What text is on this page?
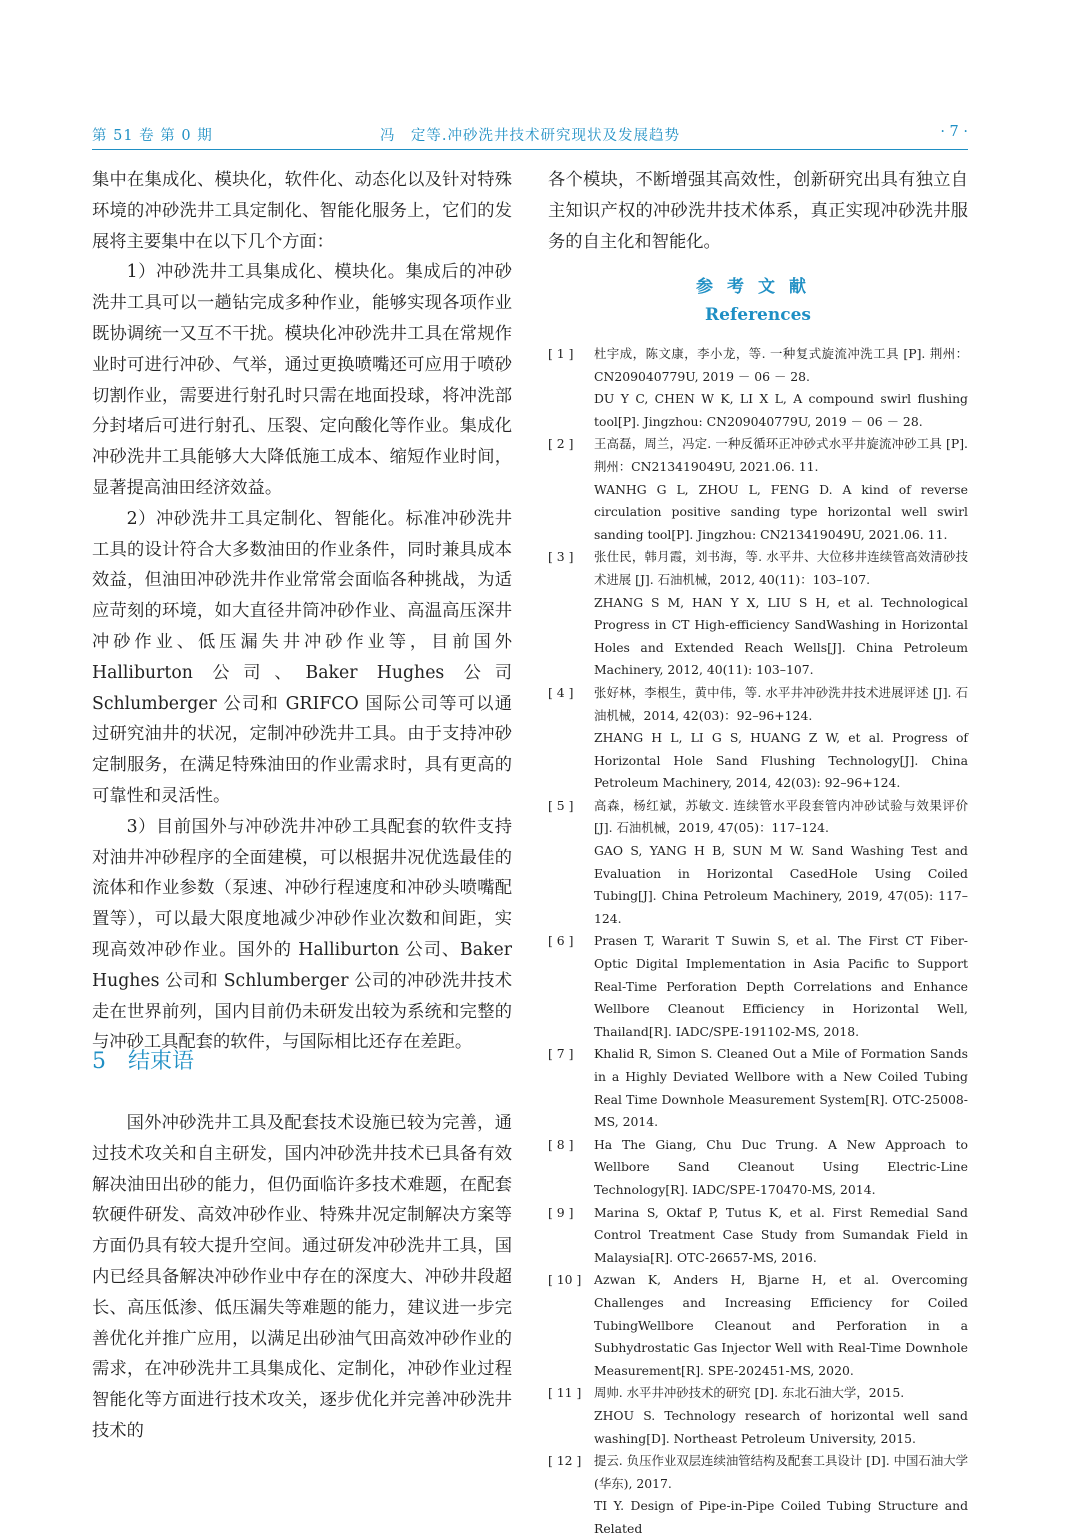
第 51 卷 第 0 期	冯　定等.冲砂洗井技术研究现状及发展趋势	· 7 ·

集中在集成化、模块化，软件化、动态化以及针对特殊环境的冲砂洗井工具定制化、智能化服务上，它们的发展将主要集中在以下几个方面：

1）冲砂洗井工具集成化、模块化。集成后的冲砂洗井工具可以一趟钻完成多种作业，能够实现各项作业既协调统一又互不干扰。模块化冲砂洗井工具在常规作业时可进行冲砂、气举，通过更换喷嘴还可应用于喷砂切割作业，需要进行射孔时只需在地面投球，将冲洗部分封堵后可进行射孔、压裂、定向酸化等作业。集成化冲砂洗井工具能够大大降低施工成本、缩短作业时间，显著提高油田经济效益。

2）冲砂洗井工具定制化、智能化。标准冲砂洗井工具的设计符合大多数油田的作业条件，同时兼具成本效益，但油田冲砂洗井作业常常会面临各种挑战，为适应苛刻的环境，如大直径井筒冲砂作业、高温高压深井冲砂作业、低压漏失井冲砂作业等，目前国外 Halliburton 公司、Baker Hughes 公司 Schlumberger 公司和 GRIFCO 国际公司等可以通过研究油井的状况，定制冲砂洗井工具。由于支持冲砂定制服务，在满足特殊油田的作业需求时，具有更高的可靠性和灵活性。

3）目前国外与冲砂洗井冲砂工具配套的软件支持对油井冲砂程序的全面建模，可以根据井况优选最佳的流体和作业参数（泵速、冲砂行程速度和冲砂头喷嘴配置等），可以最大限度地减少冲砂作业次数和间距，实现高效冲砂作业。国外的 Halliburton 公司、Baker Hughes 公司和 Schlumberger 公司的冲砂洗井技术走在世界前列，国内目前仍未研发出较为系统和完整的与冲砂工具配套的软件，与国际相比还存在差距。

5 结束语

国外冲砂洗井工具及配套技术设施已较为完善，通过技术攻关和自主研发，国内冲砂洗井技术已具备有效解决油田出砂的能力，但仍面临许多技术难题，在配套软硬件研发、高效冲砂作业、特殊井况定制解决方案等方面仍具有较大提升空间。通过研发冲砂洗井工具，国内已经具备解决冲砂作业中存在的深度大、冲砂井段超长、高压低渗、低压漏失等难题的能力，建议进一步完善优化并推广应用，以满足出砂油气田高效冲砂作业的需求，在冲砂洗井工具集成化、定制化，冲砂作业过程智能化等方面进行技术攻关，逐步优化并完善冲砂洗井技术的

各个模块，不断增强其高效性，创新研究出具有独立自主知识产权的冲砂洗井技术体系，真正实现冲砂洗井服务的自主化和智能化。

参考文献
References
[ 1 ]	杜宇成，陈文康，李小龙，等. 一种复式旋流冲洗工具 [P]. 荆州：CN209040779U, 2019 － 06 － 28.
DU Y C, CHEN W K, LI X L, A compound swirl flushing tool[P]. Jingzhou: CN209040779U, 2019 － 06 － 28.
[ 2 ]	王高磊，周兰，冯定. 一种反循环正冲砂式水平井旋流冲砂工具 [P]. 荆州：CN213419049U, 2021.06. 11.
WANHG G L, ZHOU L, FENG D. A kind of reverse circulation positive sanding type horizontal well swirl sanding tool[P]. Jingzhou: CN213419049U, 2021.06. 11.
[ 3 ]	张仕民，韩月霞，刘书海，等. 水平井、大位移井连续管高效清砂技术进展 [J]. 石油机械，2012, 40(11)：103–107.
ZHANG S M, HAN Y X, LIU S H, et al. Technological Progress in CT High-efficiency SandWashing in Horizontal Holes and Extended Reach Wells[J]. China Petroleum Machinery, 2012, 40(11): 103–107.
[ 4 ]	张好林，李根生，黄中伟，等. 水平井冲砂洗井技术进展评述 [J]. 石油机械，2014, 42(03)：92–96+124.
ZHANG H L, LI G S, HUANG Z W, et al. Progress of Horizontal Hole Sand Flushing Technology[J]. China Petroleum Machinery, 2014, 42(03): 92–96+124.
[ 5 ]	高森，杨红斌，苏敏文. 连续管水平段套管内冲砂试验与效果评价 [J]. 石油机械，2019, 47(05)：117–124.
GAO S, YANG H B, SUN M W. Sand Washing Test and Evaluation in Horizontal CasedHole Using Coiled Tubing[J]. China Petroleum Machinery, 2019, 47(05): 117–124.
[ 6 ]	Prasen T, Wararit T Suwin S, et al. The First CT Fiber-Optic Digital Implementation in Asia Pacific to Support Real-Time Perforation Depth Correlations and Enhance Wellbore Cleanout Efficiency in Horizontal Well, Thailand[R]. IADC/SPE-191102-MS, 2018.
[ 7 ]	Khalid R, Simon S. Cleaned Out a Mile of Formation Sands in a Highly Deviated Wellbore with a New Coiled Tubing Real Time Downhole Measurement System[R]. OTC-25008-MS, 2014.
[ 8 ]	Ha The Giang, Chu Duc Trung. A New Approach to Wellbore Sand Cleanout Using Electric-Line Technology[R]. IADC/SPE-170470-MS, 2014.
[ 9 ]	Marina S, Oktaf P, Tutus K, et al. First Remedial Sand Control Treatment Case Study from Sumandak Field in Malaysia[R]. OTC-26657-MS, 2016.
[ 10 ]	Azwan K, Anders H, Bjarne H, et al. Overcoming Challenges and Increasing Efficiency for Coiled TubingWellbore Cleanout and Perforation in a Subhydrostatic Gas Injector Well with Real-Time Downhole Measurement[R]. SPE-202451-MS, 2020.
[ 11 ]	周帅. 水平井冲砂技术的研究 [D]. 东北石油大学，2015.
ZHOU S. Technology research of horizontal well sand washing[D]. Northeast Petroleum University, 2015.
[ 12 ]	提云. 负压作业双层连续油管结构及配套工具设计 [D]. 中国石油大学 (华东), 2017.
TI Y. Design of Pipe-in-Pipe Coiled Tubing Structure and Related
